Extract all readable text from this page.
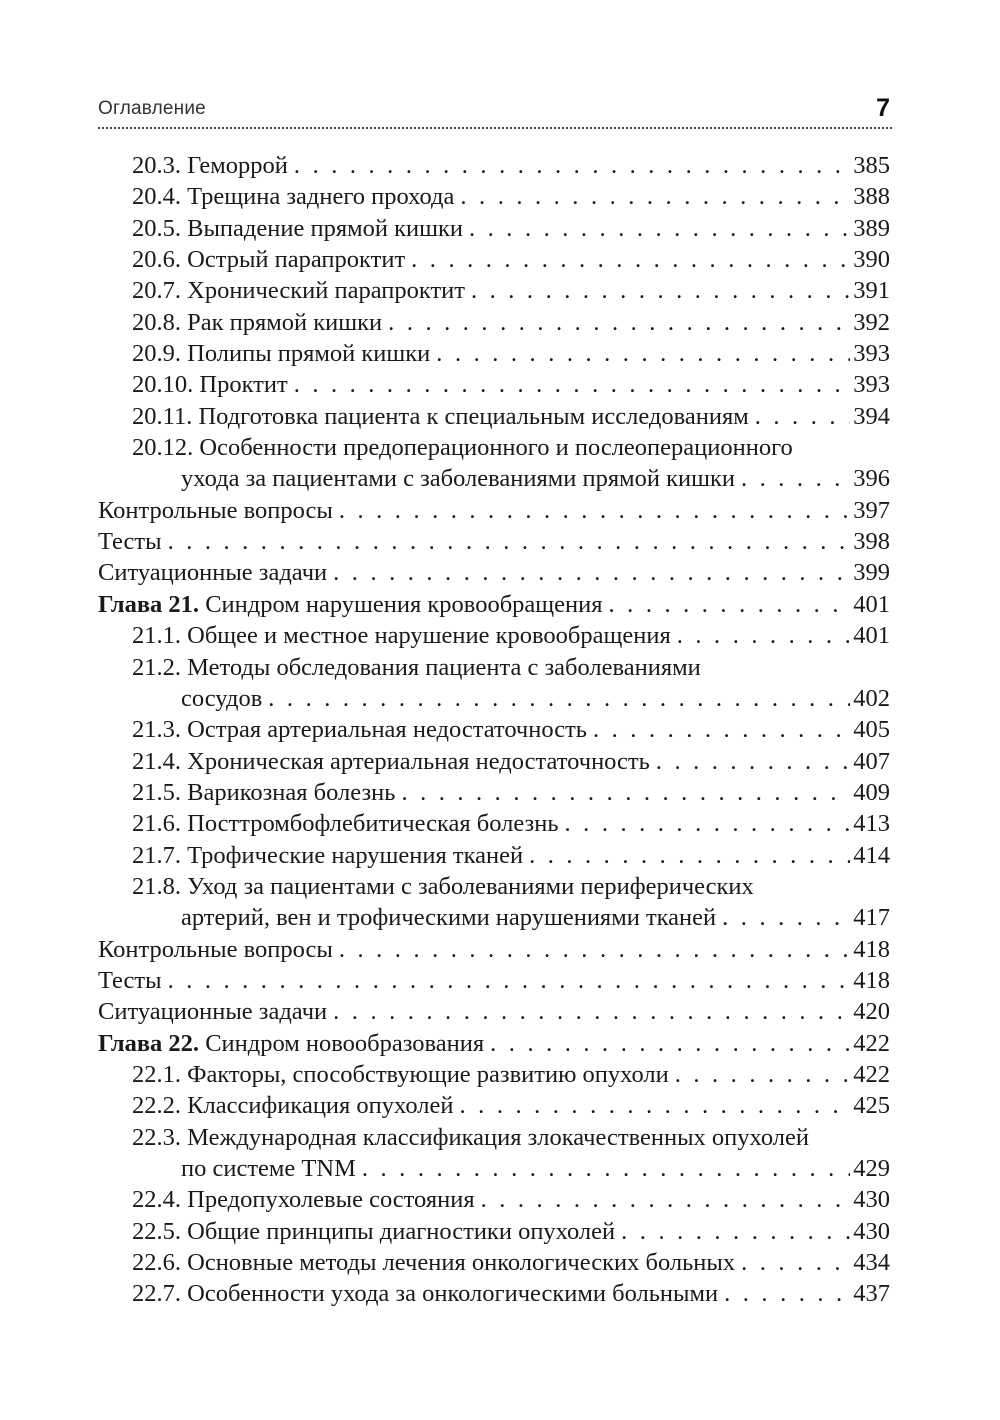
Оглавление	7
20.3. Геморрой . . .	385
20.4. Трещина заднего прохода . . .	388
20.5. Выпадение прямой кишки . . .	389
20.6. Острый парапроктит . . .	390
20.7. Хронический парапроктит . . .	391
20.8. Рак прямой кишки . . .	392
20.9. Полипы прямой кишки . . .	393
20.10. Проктит . . .	393
20.11. Подготовка пациента к специальным исследованиям . . .	394
20.12. Особенности предоперационного и послеоперационного
ухода за пациентами с заболеваниями прямой кишки . . .	396
Контрольные вопросы . . .	397
Тесты . . .	398
Ситуационные задачи . . .	399
Глава 21. Синдром нарушения кровообращения . . .	401
21.1. Общее и местное нарушение кровообращения . . .	401
21.2. Методы обследования пациента с заболеваниями
сосудов . . .	402
21.3. Острая артериальная недостаточность . . .	405
21.4. Хроническая артериальная недостаточность . . .	407
21.5. Варикозная болезнь . . .	409
21.6. Посттромбофлебитическая болезнь . . .	413
21.7. Трофические нарушения тканей . . .	414
21.8. Уход за пациентами с заболеваниями периферических
артерий, вен и трофическими нарушениями тканей . . .	417
Контрольные вопросы . . .	418
Тесты . . .	418
Ситуационные задачи . . .	420
Глава 22. Синдром новообразования . . .	422
22.1. Факторы, способствующие развитию опухоли . . .	422
22.2. Классификация опухолей . . .	425
22.3. Международная классификация злокачественных опухолей
по системе TNM . . .	429
22.4. Предопухолевые состояния . . .	430
22.5. Общие принципы диагностики опухолей . . .	430
22.6. Основные методы лечения онкологических больных . . .	434
22.7. Особенности ухода за онкологическими больными . . .	437
